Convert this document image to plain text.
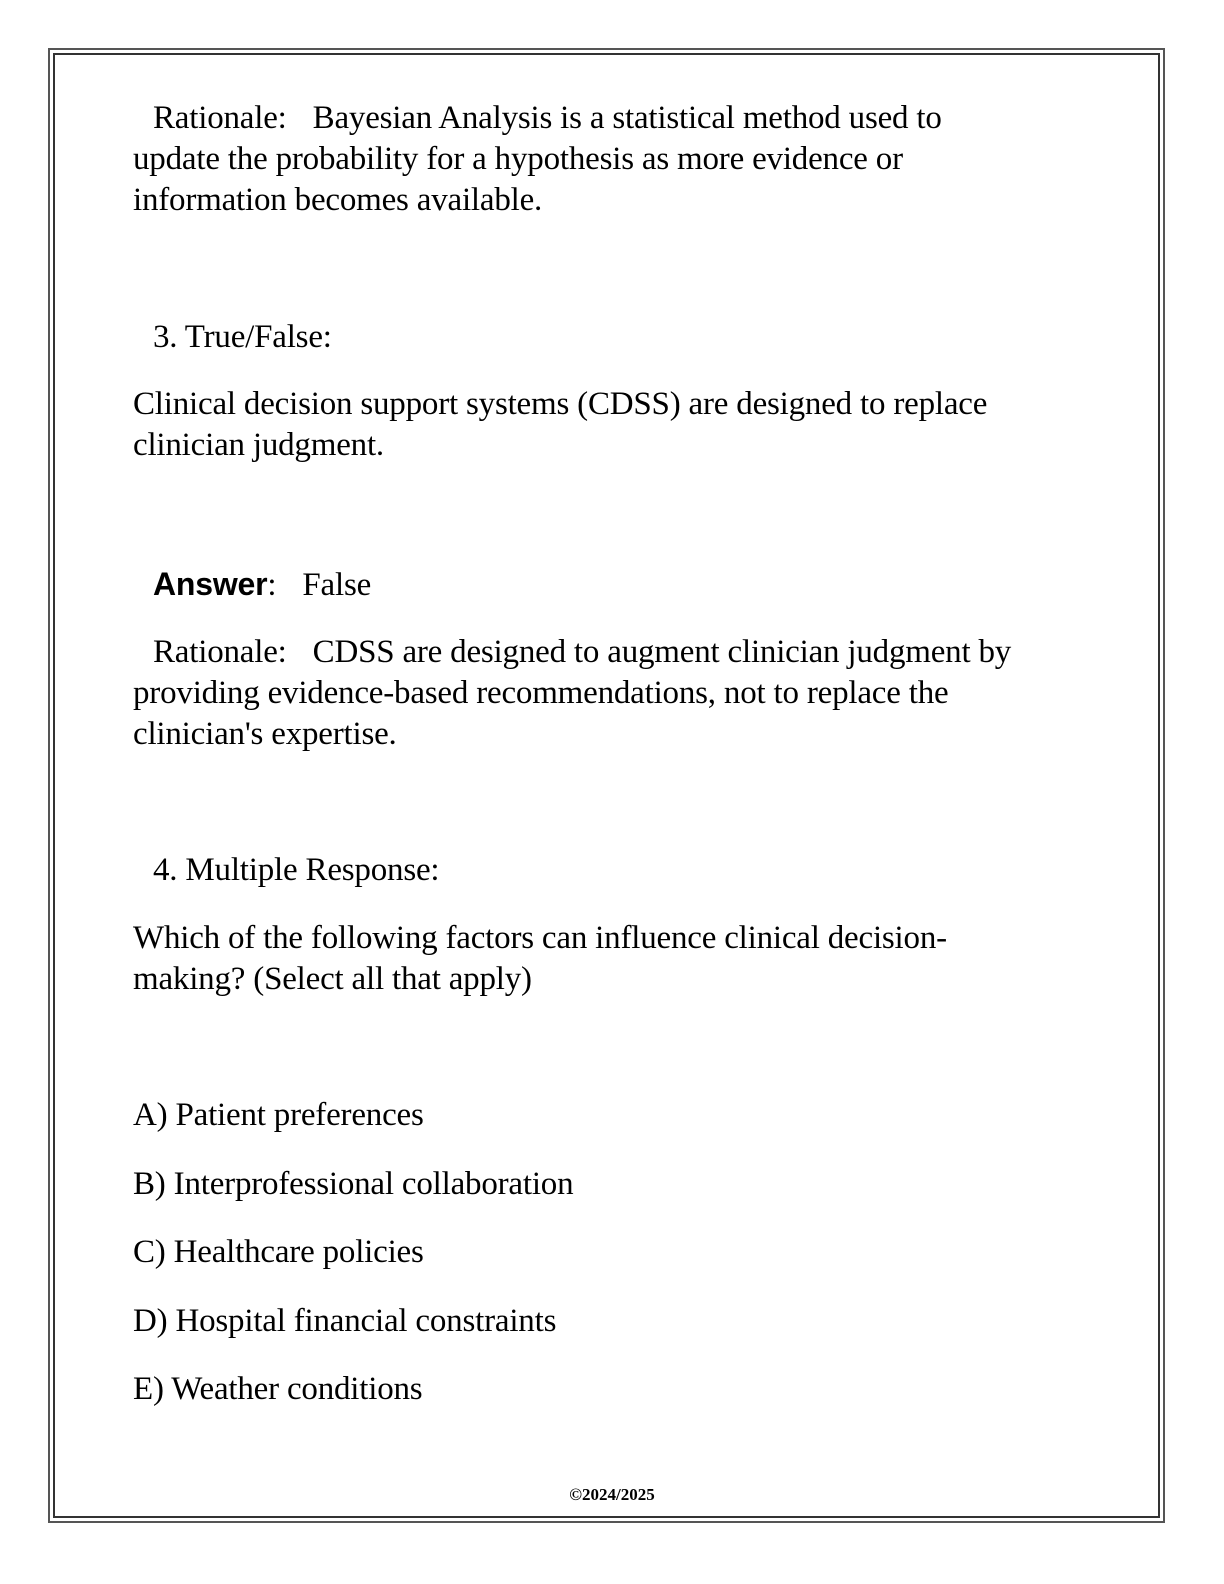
Rationale: Bayesian Analysis is a statistical method used to
update the probability for a hypothesis as more evidence or
information becomes available.
3. True/False:
Clinical decision support systems (CDSS) are designed to replace
clinician judgment.
Answer: False
Rationale: CDSS are designed to augment clinician judgment by
providing evidence-based recommendations, not to replace the
clinician's expertise.
4. Multiple Response:
Which of the following factors can influence clinical decision-
making? (Select all that apply)
A) Patient preferences
B) Interprofessional collaboration
C) Healthcare policies
D) Hospital financial constraints
E) Weather conditions
©2024/2025
